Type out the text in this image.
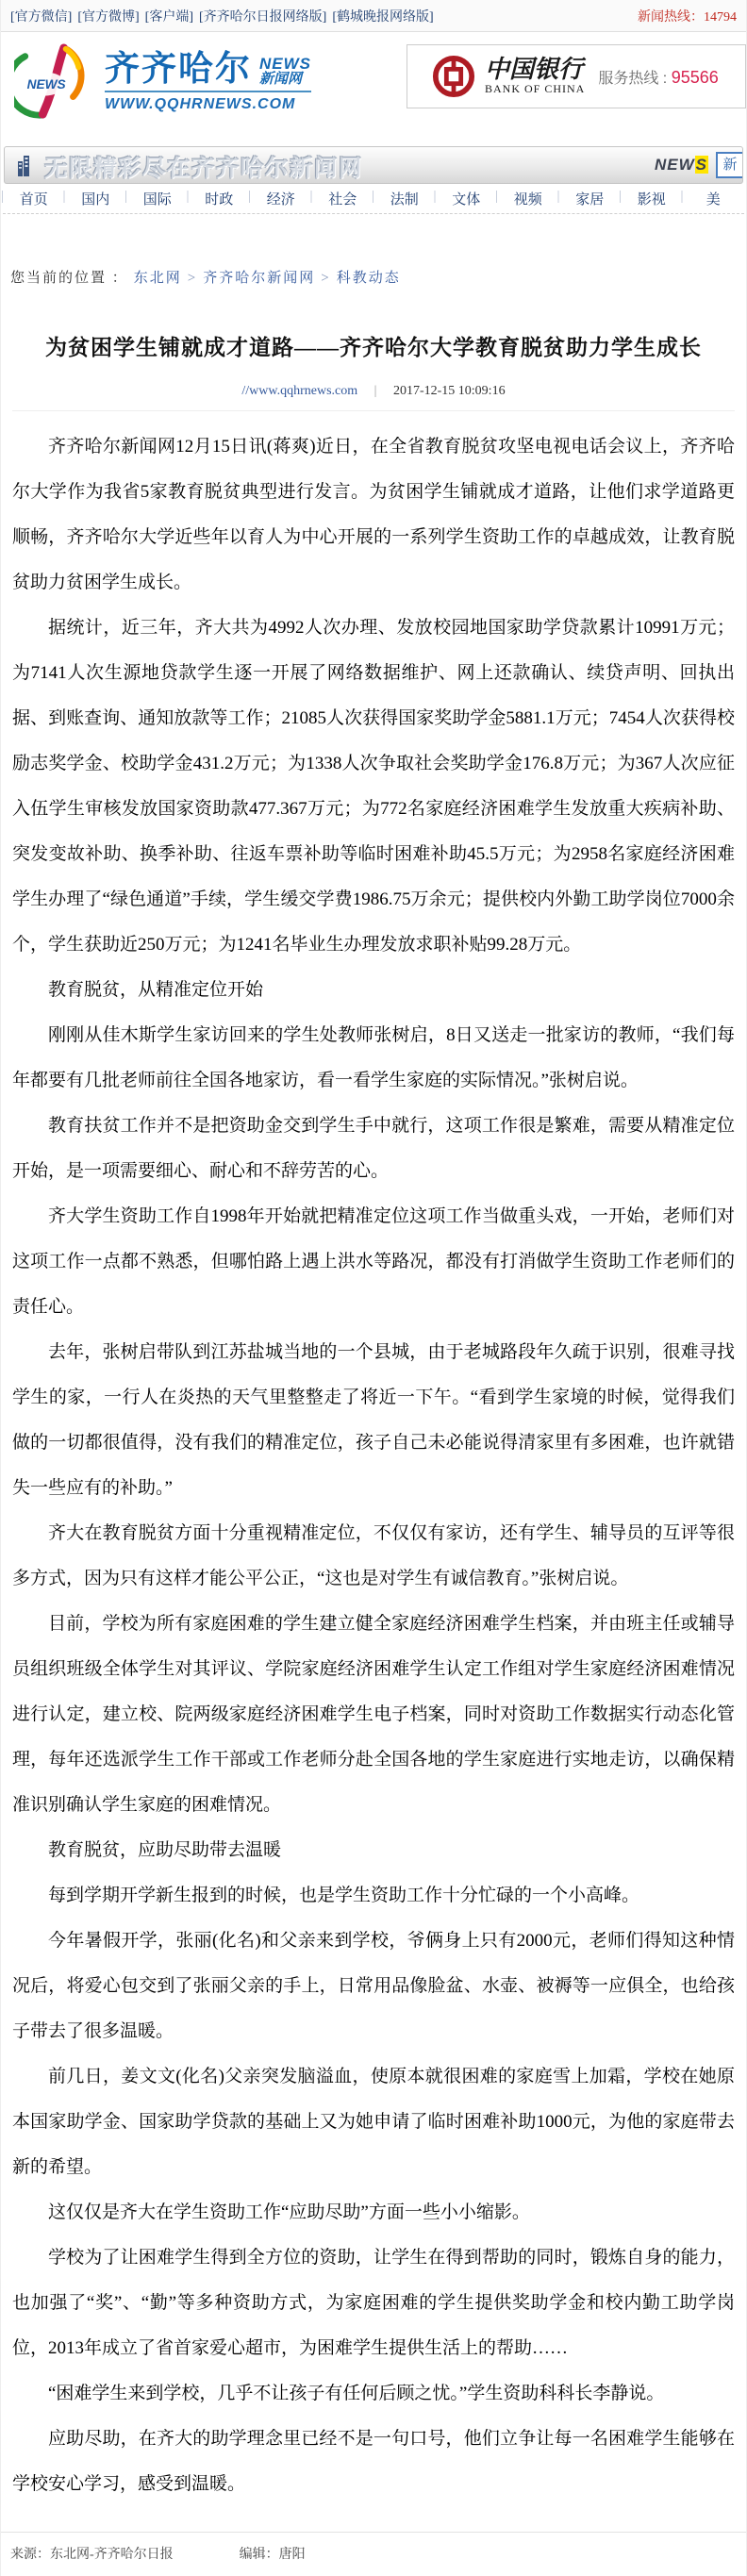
[官方微信] [官方微博] [客户端] [齐齐哈尔日报网络版] [鹤城晚报网络版]	新闻热线：14794
NEWS 齐齐哈尔 NEWS
新闻网
WWW.QQHRNEWS.COM
中国银行
BANK OF CHINA
服务热线 : 95566
无限精彩尽在齐齐哈尔新闻网	NEWS	新
| 首页	| 国内	| 国际	| 时政	| 经济	| 社会	| 法制	| 文体	| 视频	| 家居	| 影视	| 美
您当前的位置 ： 东北网 > 齐齐哈尔新闻网 > 科教动态
为贫困学生铺就成才道路——齐齐哈尔大学教育脱贫助力学生成长
//www.qqhrnews.com | 2017-12-15 10:09:16

齐齐哈尔新闻网12月15日讯(蒋爽)近日，在全省教育脱贫攻坚电视电话会议上，齐齐哈尔大学作为我省5家教育脱贫典型进行发言。为贫困学生铺就成才道路，让他们求学道路更顺畅，齐齐哈尔大学近些年以育人为中心开展的一系列学生资助工作的卓越成效，让教育脱贫助力贫困学生成长。

据统计，近三年，齐大共为4992人次办理、发放校园地国家助学贷款累计10991万元；为7141人次生源地贷款学生逐一开展了网络数据维护、网上还款确认、续贷声明、回执出据、到账查询、通知放款等工作；21085人次获得国家奖助学金5881.1万元；7454人次获得校励志奖学金、校助学金431.2万元；为1338人次争取社会奖助学金176.8万元；为367人次应征入伍学生审核发放国家资助款477.367万元；为772名家庭经济困难学生发放重大疾病补助、突发变故补助、换季补助、往返车票补助等临时困难补助45.5万元；为2958名家庭经济困难学生办理了“绿色通道”手续，学生缓交学费1986.75万余元；提供校内外勤工助学岗位7000余个，学生获助近250万元；为1241名毕业生办理发放求职补贴99.28万元。

教育脱贫，从精准定位开始

刚刚从佳木斯学生家访回来的学生处教师张树启，8日又送走一批家访的教师，“我们每年都要有几批老师前往全国各地家访，看一看学生家庭的实际情况。”张树启说。

教育扶贫工作并不是把资助金交到学生手中就行，这项工作很是繁难，需要从精准定位开始，是一项需要细心、耐心和不辞劳苦的心。

齐大学生资助工作自1998年开始就把精准定位这项工作当做重头戏，一开始，老师们对这项工作一点都不熟悉，但哪怕路上遇上洪水等路况，都没有打消做学生资助工作老师们的责任心。

去年，张树启带队到江苏盐城当地的一个县城，由于老城路段年久疏于识别，很难寻找学生的家，一行人在炎热的天气里整整走了将近一下午。“看到学生家境的时候，觉得我们做的一切都很值得，没有我们的精准定位，孩子自己未必能说得清家里有多困难，也许就错失一些应有的补助。”

齐大在教育脱贫方面十分重视精准定位，不仅仅有家访，还有学生、辅导员的互评等很多方式，因为只有这样才能公平公正，“这也是对学生有诚信教育。”张树启说。

目前，学校为所有家庭困难的学生建立健全家庭经济困难学生档案，并由班主任或辅导员组织班级全体学生对其评议、学院家庭经济困难学生认定工作组对学生家庭经济困难情况进行认定，建立校、院两级家庭经济困难学生电子档案，同时对资助工作数据实行动态化管理，每年还选派学生工作干部或工作老师分赴全国各地的学生家庭进行实地走访，以确保精准识别确认学生家庭的困难情况。

教育脱贫，应助尽助带去温暖

每到学期开学新生报到的时候，也是学生资助工作十分忙碌的一个小高峰。

今年暑假开学，张丽(化名)和父亲来到学校，爷俩身上只有2000元，老师们得知这种情况后，将爱心包交到了张丽父亲的手上，日常用品像脸盆、水壶、被褥等一应俱全，也给孩子带去了很多温暖。

前几日，姜文文(化名)父亲突发脑溢血，使原本就很困难的家庭雪上加霜，学校在她原本国家助学金、国家助学贷款的基础上又为她申请了临时困难补助1000元，为他的家庭带去新的希望。

这仅仅是齐大在学生资助工作“应助尽助”方面一些小小缩影。

学校为了让困难学生得到全方位的资助，让学生在得到帮助的同时，锻炼自身的能力，也加强了“奖”、“勤”等多种资助方式，为家庭困难的学生提供奖助学金和校内勤工助学岗位，2013年成立了省首家爱心超市，为困难学生提供生活上的帮助……

“困难学生来到学校，几乎不让孩子有任何后顾之忧。”学生资助科科长李静说。

应助尽助，在齐大的助学理念里已经不是一句口号，他们立争让每一名困难学生能够在学校安心学习，感受到温暖。

来源：东北网-齐齐哈尔日报	编辑：唐阳
